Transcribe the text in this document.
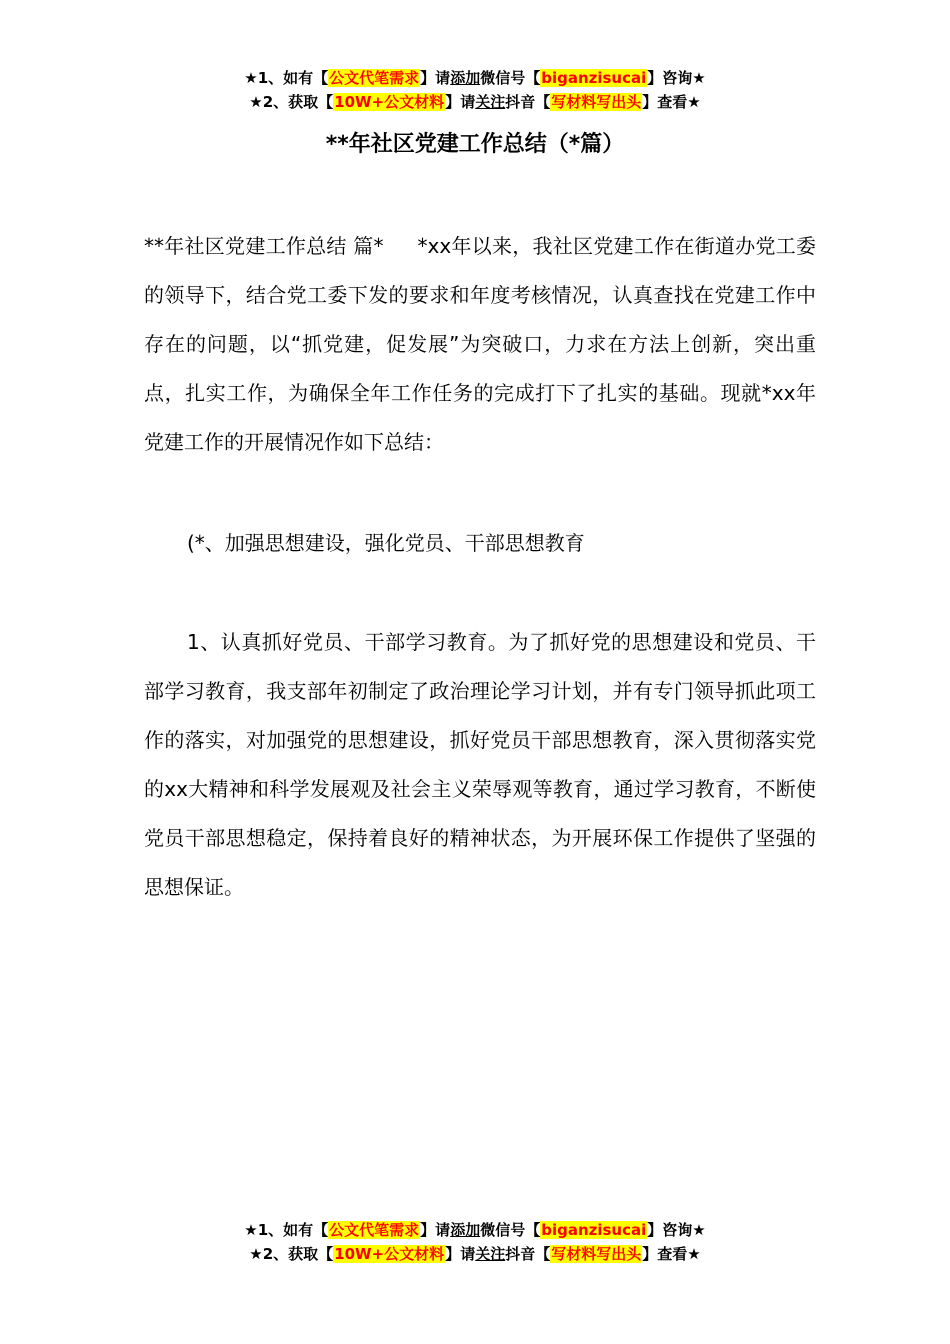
★1、如有【公文代笔需求】请添加微信号【biganzisucai】咨询★
★2、获取【10W+公文材料】请关注抖音【写材料写出头】查看★
**年社区党建工作总结（*篇）
**年社区党建工作总结 篇* *xx年以来，我社区党建工作在街道办党工委的领导下，结合党工委下发的要求和年度考核情况，认真查找在党建工作中存在的问题，以“抓党建，促发展”为突破口，力求在方法上创新，突出重点，扎实工作，为确保全年工作任务的完成打下了扎实的基础。现就*xx年党建工作的开展情况作如下总结：
(*、加强思想建设，强化党员、干部思想教育
1、认真抓好党员、干部学习教育。为了抓好党的思想建设和党员、干部学习教育，我支部年初制定了政治理论学习计划，并有专门领导抓此项工作的落实，对加强党的思想建设，抓好党员干部思想教育，深入贯彻落实党的xx大精神和科学发展观及社会主义荣辱观等教育，通过学习教育，不断使党员干部思想稳定，保持着良好的精神状态，为开展环保工作提供了坚强的思想保证。
★1、如有【公文代笔需求】请添加微信号【biganzisucai】咨询★
★2、获取【10W+公文材料】请关注抖音【写材料写出头】查看★
